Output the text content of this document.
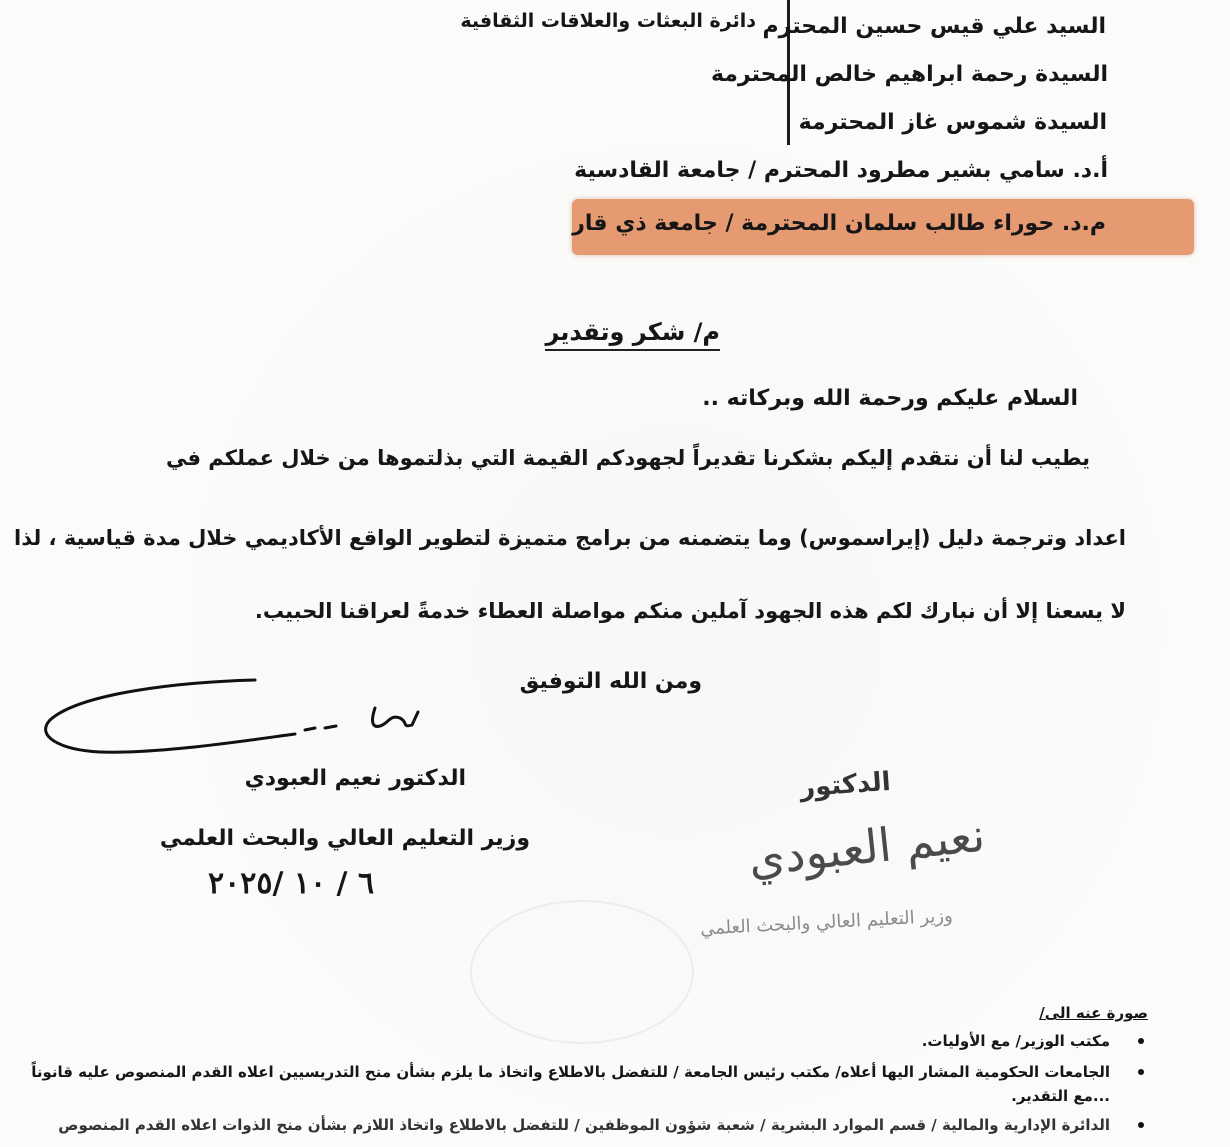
دائرة البعثات والعلاقات الثقافية السيد علي قيس حسين المحترم
السيدة رحمة ابراهيم خالص المحترمة
السيدة شموس غاز المحترمة
أ.د. سامي بشير مطرود المحترم / جامعة القادسية
م.د. حوراء طالب سلمان المحترمة / جامعة ذي قار
م/ شكر وتقدير
السلام عليكم ورحمة الله وبركاته ..
يطيب لنا أن نتقدم إليكم بشكرنا تقديراً لجهودكم القيمة التي بذلتموها من خلال عملكم في
اعداد وترجمة دليل (إيراسموس) وما يتضمنه من برامج متميزة لتطوير الواقع الأكاديمي خلال مدة قياسية ، لذا
لا يسعنا إلا أن نبارك لكم هذه الجهود آملين منكم مواصلة العطاء خدمةً لعراقنا الحبيب.
ومن الله التوفيق
الدكتور نعيم العبودي
وزير التعليم العالي والبحث العلمي
٦ / ١٠ /٢٠٢٥
الدكتور
نعيم العبودي
وزير التعليم العالي والبحث العلمي
صورة عنه الى/
مكتب الوزير/ مع الأوليات.
الجامعات الحكومية المشار اليها أعلاه/ مكتب رئيس الجامعة / للتفضل بالاطلاع واتخاذ ما يلزم بشأن منح التدريسيين اعلاه القدم المنصوص عليه قانوناً ...مع التقدير.
الدائرة الإدارية والمالية / قسم الموارد البشرية / شعبة شؤون الموظفين / للتفضل بالاطلاع واتخاذ اللازم بشأن منح الذوات اعلاه القدم المنصوص
